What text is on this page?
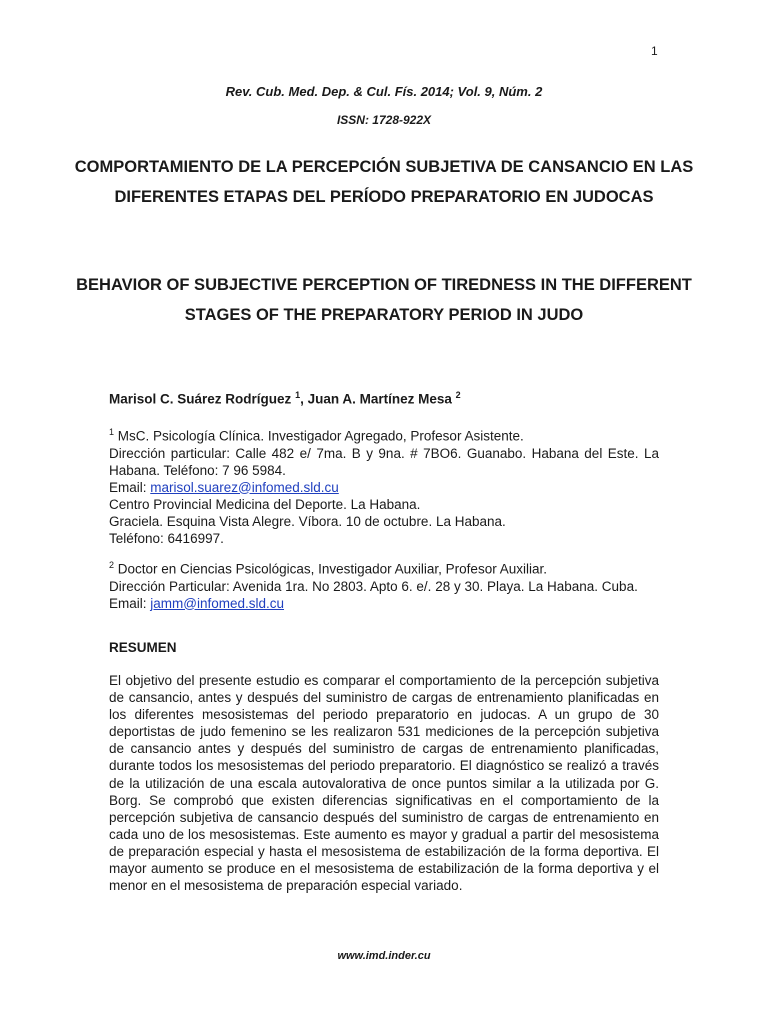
1
Rev. Cub. Med. Dep. & Cul. Fís. 2014; Vol. 9, Núm. 2
ISSN: 1728-922X
COMPORTAMIENTO DE LA PERCEPCIÓN SUBJETIVA DE CANSANCIO EN LAS DIFERENTES ETAPAS DEL PERÍODO PREPARATORIO EN JUDOCAS
BEHAVIOR OF SUBJECTIVE PERCEPTION OF TIREDNESS IN THE DIFFERENT STAGES OF THE PREPARATORY PERIOD IN JUDO
Marisol C. Suárez Rodríguez $^1$, Juan A. Martínez Mesa $^2$
$^1$ MsC. Psicología Clínica. Investigador Agregado, Profesor Asistente.
Dirección particular: Calle 482 e/ 7ma. B y 9na. # 7BO6. Guanabo. Habana del Este. La Habana. Teléfono: 7 96 5984.
Email: marisol.suarez@infomed.sld.cu
Centro Provincial Medicina del Deporte. La Habana.
Graciela. Esquina Vista Alegre. Víbora. 10 de octubre. La Habana.
Teléfono: 6416997.
$^2$ Doctor en Ciencias Psicológicas, Investigador Auxiliar, Profesor Auxiliar.
Dirección Particular: Avenida 1ra. No 2803. Apto 6. e/. 28 y 30. Playa. La Habana. Cuba.
Email: jamm@infomed.sld.cu
RESUMEN

El objetivo del presente estudio es comparar el comportamiento de la percepción subjetiva de cansancio, antes y después del suministro de cargas de entrenamiento planificadas en los diferentes mesosistemas del periodo preparatorio en judocas. A un grupo de 30 deportistas de judo femenino se les realizaron 531 mediciones de la percepción subjetiva de cansancio antes y después del suministro de cargas de entrenamiento planificadas, durante todos los mesosistemas del periodo preparatorio. El diagnóstico se realizó a través de la utilización de una escala autovalorativa de once puntos similar a la utilizada por G. Borg. Se comprobó que existen diferencias significativas en el comportamiento de la percepción subjetiva de cansancio después del suministro de cargas de entrenamiento en cada uno de los mesosistemas. Este aumento es mayor y gradual a partir del mesosistema de preparación especial y hasta el mesosistema de estabilización de la forma deportiva. El mayor aumento se produce en el mesosistema de estabilización de la forma deportiva y el menor en el mesosistema de preparación especial variado.

www.imd.inder.cu
